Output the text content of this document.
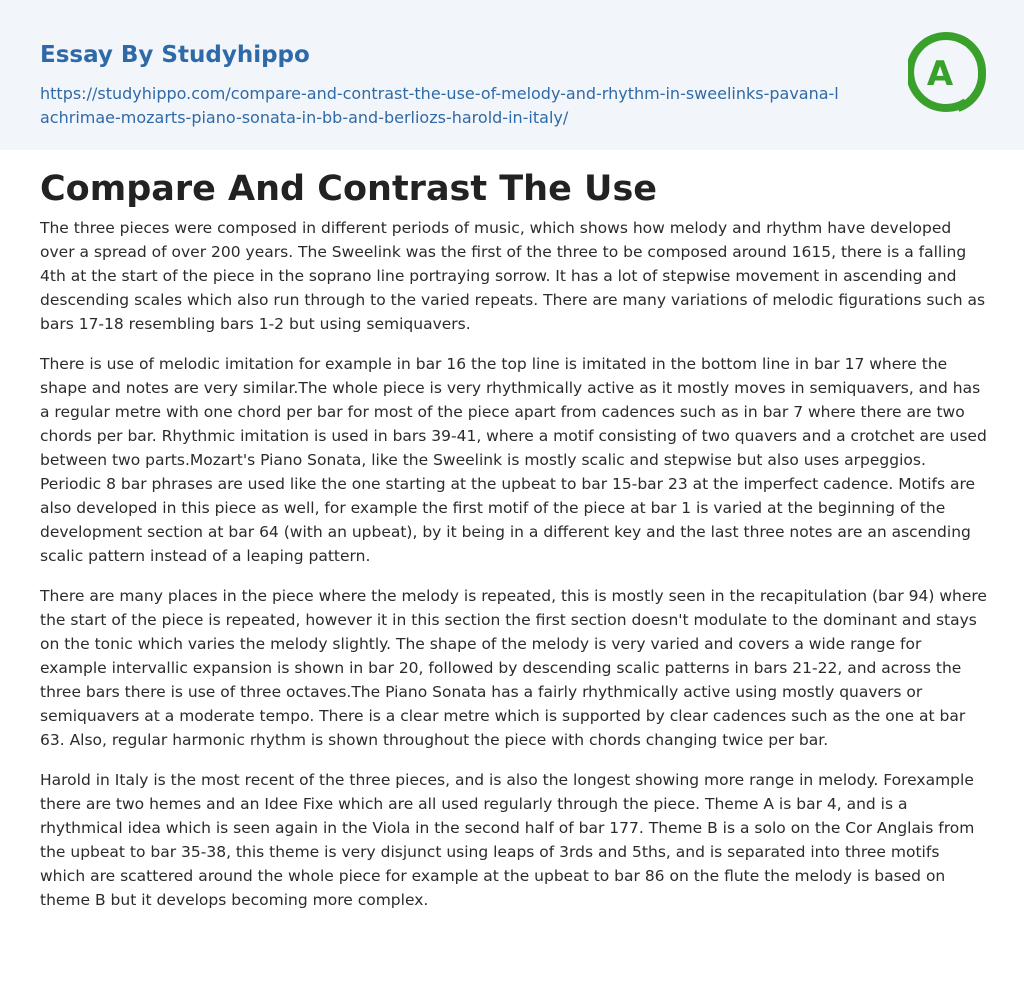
Essay By Studyhippo
https://studyhippo.com/compare-and-contrast-the-use-of-melody-and-rhythm-in-sweelinks-pavana-lachrimae-mozarts-piano-sonata-in-bb-and-berliozs-harold-in-italy/
A
Compare And Contrast The Use

The three pieces were composed in different periods of music, which shows how melody and rhythm have developed over a spread of over 200 years. The Sweelink was the first of the three to be composed around 1615, there is a falling 4th at the start of the piece in the soprano line portraying sorrow. It has a lot of stepwise movement in ascending and descending scales which also run through to the varied repeats. There are many variations of melodic figurations such as bars 17-18 resembling bars 1-2 but using semiquavers.

There is use of melodic imitation for example in bar 16 the top line is imitated in the bottom line in bar 17 where the shape and notes are very similar.The whole piece is very rhythmically active as it mostly moves in semiquavers, and has a regular metre with one chord per bar for most of the piece apart from cadences such as in bar 7 where there are two chords per bar. Rhythmic imitation is used in bars 39-41, where a motif consisting of two quavers and a crotchet are used between two parts.Mozart's Piano Sonata, like the Sweelink is mostly scalic and stepwise but also uses arpeggios. Periodic 8 bar phrases are used like the one starting at the upbeat to bar 15-bar 23 at the imperfect cadence. Motifs are also developed in this piece as well, for example the first motif of the piece at bar 1 is varied at the beginning of the development section at bar 64 (with an upbeat), by it being in a different key and the last three notes are an ascending scalic pattern instead of a leaping pattern.

There are many places in the piece where the melody is repeated, this is mostly seen in the recapitulation (bar 94) where the start of the piece is repeated, however it in this section the first section doesn't modulate to the dominant and stays on the tonic which varies the melody slightly. The shape of the melody is very varied and covers a wide range for example intervallic expansion is shown in bar 20, followed by descending scalic patterns in bars 21-22, and across the three bars there is use of three octaves.The Piano Sonata has a fairly rhythmically active using mostly quavers or semiquavers at a moderate tempo. There is a clear metre which is supported by clear cadences such as the one at bar 63. Also, regular harmonic rhythm is shown throughout the piece with chords changing twice per bar.

Harold in Italy is the most recent of the three pieces, and is also the longest showing more range in melody. Forexample there are two hemes and an Idee Fixe which are all used regularly through the piece. Theme A is bar 4, and is a rhythmical idea which is seen again in the Viola in the second half of bar 177. Theme B is a solo on the Cor Anglais from the upbeat to bar 35-38, this theme is very disjunct using leaps of 3rds and 5ths, and is separated into three motifs which are scattered around the whole piece for example at the upbeat to bar 86 on the flute the melody is based on theme B but it develops becoming more complex.
